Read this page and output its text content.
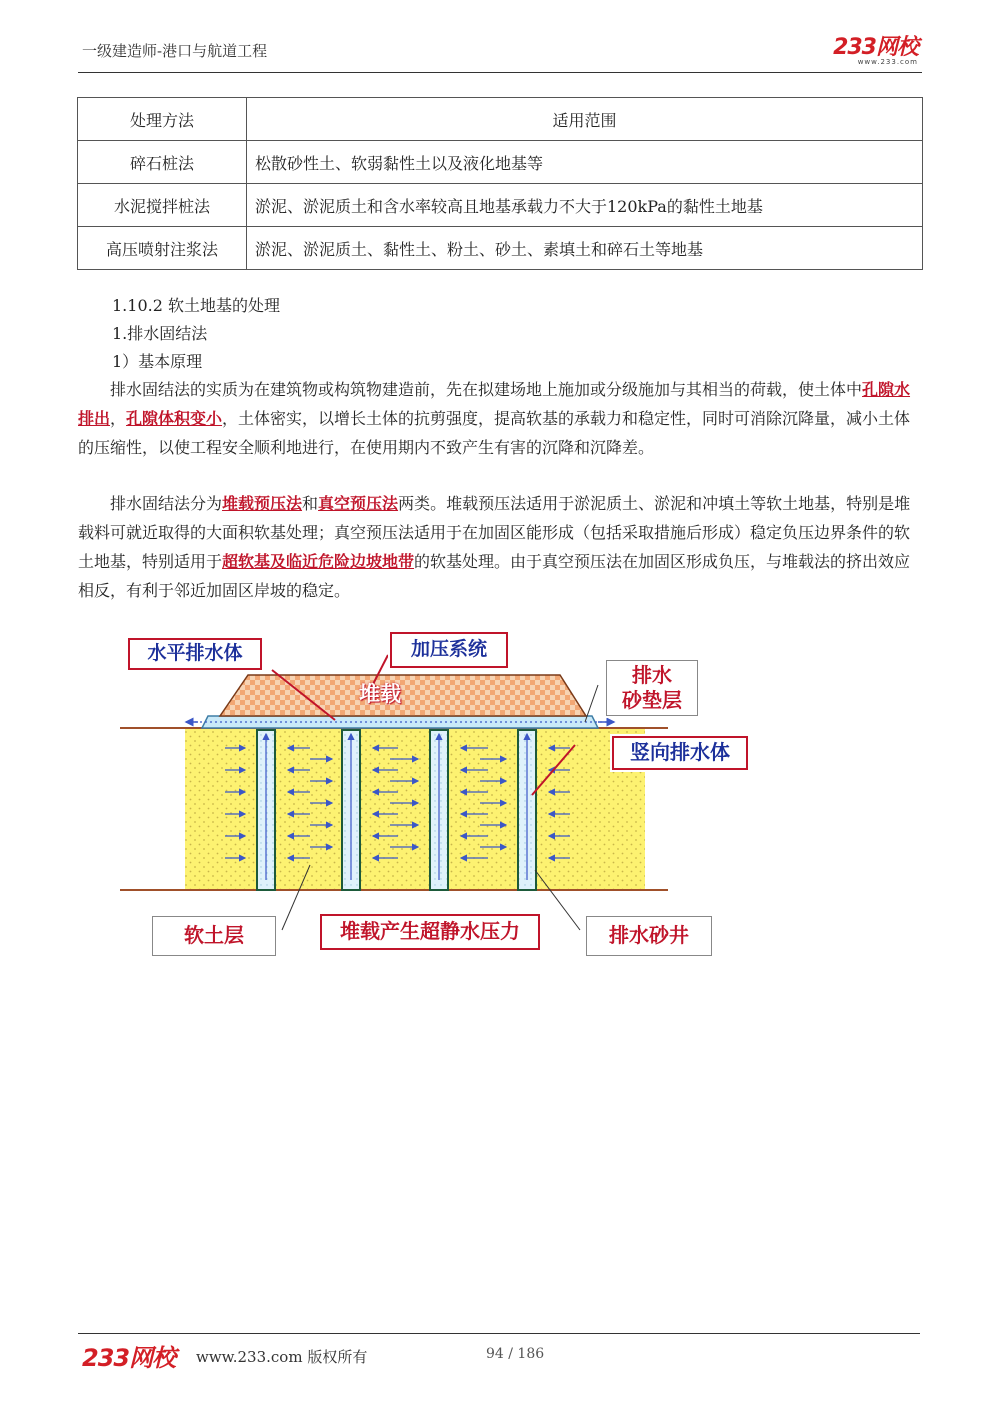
一级建造师-港口与航道工程	233网校
www.233.com
处理方法	适用范围
碎石桩法	松散砂性土、软弱黏性土以及液化地基等
水泥搅拌桩法	淤泥、淤泥质土和含水率较高且地基承载力不大于120kPa的黏性土地基
高压喷射注浆法	淤泥、淤泥质土、黏性土、粉土、砂土、素填土和碎石土等地基
1.10.2 软土地基的处理
1.排水固结法
1）基本原理
排水固结法的实质为在建筑物或构筑物建造前，先在拟建场地上施加或分级施加与其相当的荷载，使土体中孔隙水排出，孔隙体积变小，土体密实，以增长土体的抗剪强度，提高软基的承载力和稳定性，同时可消除沉降量，减小土体的压缩性，以使工程安全顺利地进行，在使用期内不致产生有害的沉降和沉降差。
排水固结法分为堆载预压法和真空预压法两类。堆载预压法适用于淤泥质土、淤泥和冲填土等软土地基，特别是堆载料可就近取得的大面积软基处理；真空预压法适用于在加固区能形成（包括采取措施后形成）稳定负压边界条件的软土地基，特别适用于超软基及临近危险边坡地带的软基处理。由于真空预压法在加固区形成负压，与堆载法的挤出效应相反，有利于邻近加固区岸坡的稳定。
水平排水体	加压系统
堆载
排水
砂垫层
竖向排水体
软土层	堆载产生超静水压力	排水砂井
233网校 www.233.com 版权所有	94 / 186
